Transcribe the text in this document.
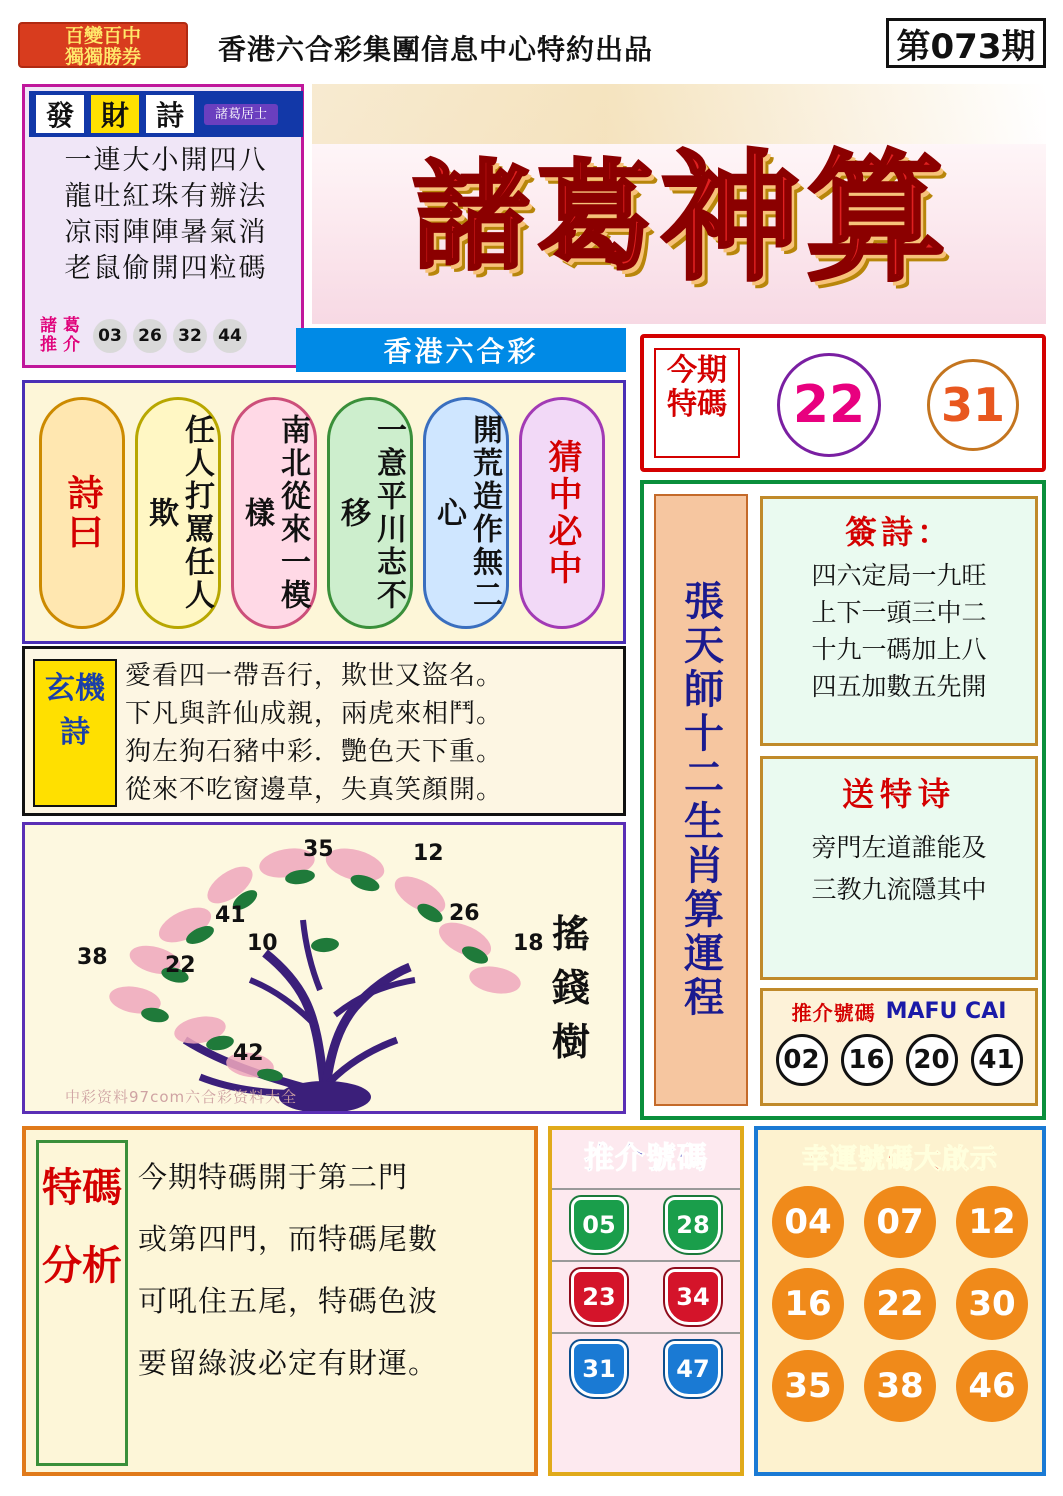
百變百中
獨獨勝券	香港六合彩集團信息中心特約出品	第073期
發 財 詩	諸葛居士
一連大小開四八
龍吐紅珠有辦法
凉雨陣陣暑氣消
老鼠偷開四粒碼
諸 葛
推 介	03 26 32 44
諸葛 神算
香港六合彩
今期特碼	22	31
詩曰	任人打罵任人欺	南北從來一模樣	一意平川志不移	開荒造作無二心	猜中必中
玄機詩
愛看四一帶吾行，欺世又盜名。
下凡與許仙成親，兩虎來相鬥。
狗左狗石豬中彩．艷色天下重。
從來不吃窗邊草，失真笑顏開。	張天師十二生肖算運程
簽詩：
四六定局一九旺
上下一頭三中二
十九一碼加上八
四五加數五先開
送特诗
旁門左道誰能及
三教九流隱其中
推介號碼 MAFU CAI
02	16	20	41
35	12
41	26
10
38	22
18
42
搖錢樹
中彩资料97com六合彩资料大全
特碼分析
今期特碼開于第二門
或第四門，而特碼尾數
可吼住五尾，特碼色波
要留綠波必定有財運。
推介號碼
05	28
23	34
31	47
幸運號碼大啟示
04	07	12
16	22	30
35	38	46
